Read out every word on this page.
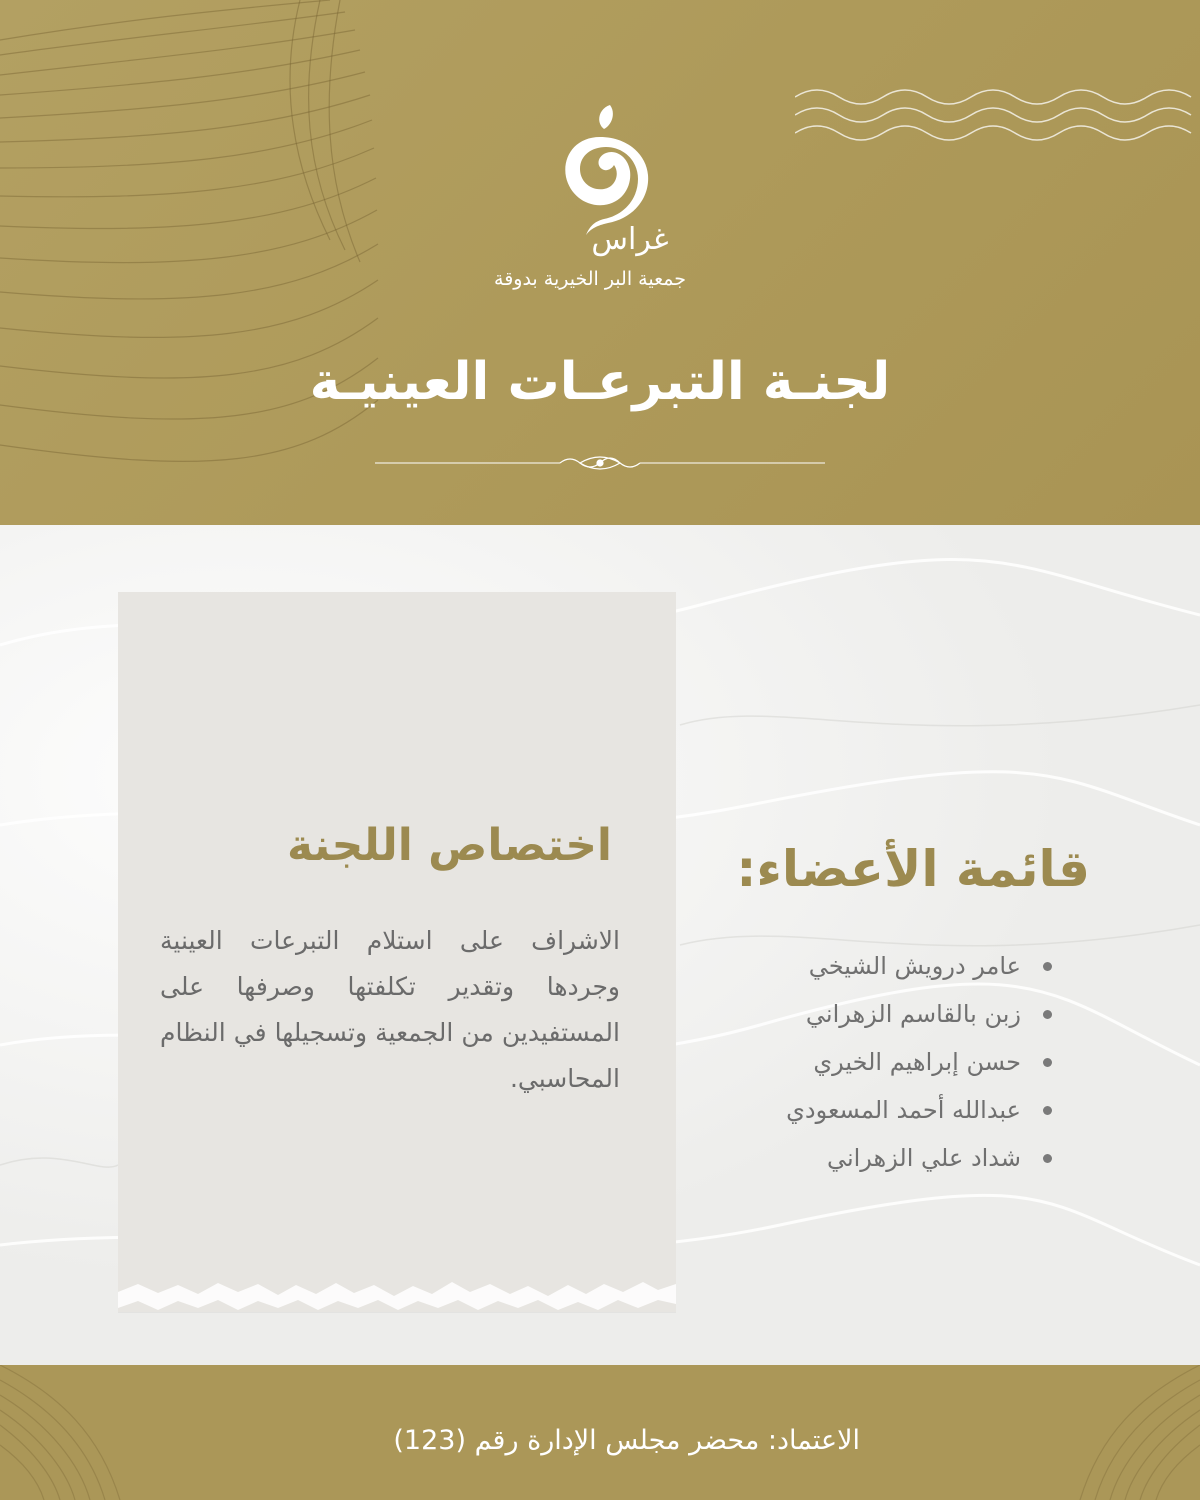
غراس
جمعية البر الخيرية بدوقة
لجنـة التبرعـات العينيـة
اختصاص اللجنة
الاشراف على استلام التبرعات العينية وجردها وتقدير تكلفتها وصرفها على المستفيدين من الجمعية وتسجيلها في النظام المحاسبي.
قائمة الأعضاء:
عامر درويش الشيخي
زبن بالقاسم الزهراني
حسن إبراهيم الخيري
عبدالله أحمد المسعودي
شداد علي الزهراني
الاعتماد: محضر مجلس الإدارة رقم (123)
